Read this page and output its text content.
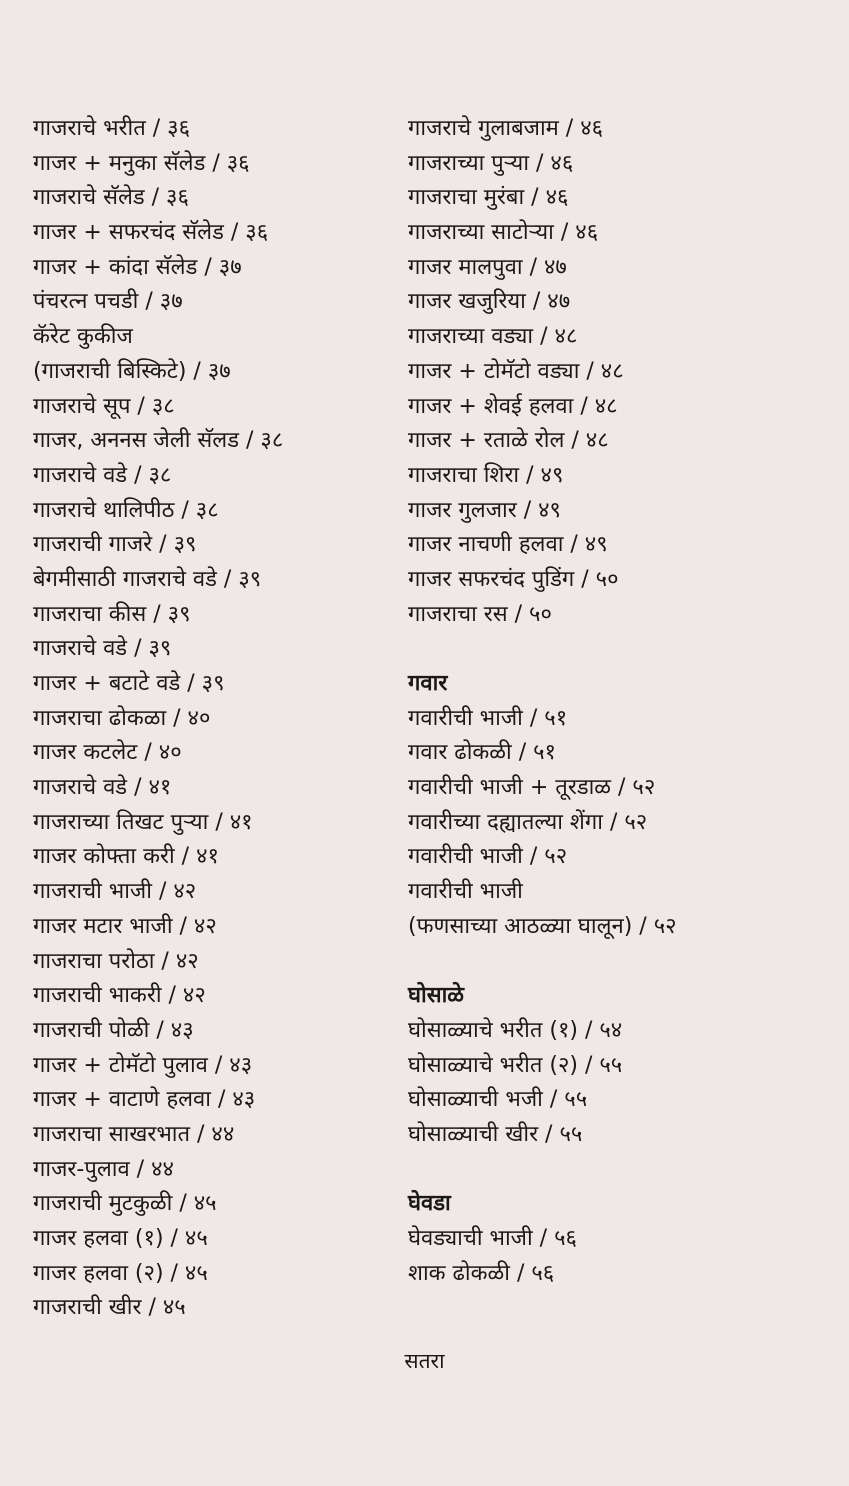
गाजराचे भरीत / ३६
गाजर + मनुका सॅलेड / ३६
गाजराचे सॅलेड / ३६
गाजर + सफरचंद सॅलेड / ३६
गाजर + कांदा सॅलेड / ३७
पंचरत्न पचडी / ३७
कॅरेट कुकीज
(गाजराची बिस्किटे) / ३७
गाजराचे सूप / ३८
गाजर, अननस जेली सॅलड / ३८
गाजराचे वडे / ३८
गाजराचे थालिपीठ / ३८
गाजराची गाजरे / ३९
बेगमीसाठी गाजराचे वडे / ३९
गाजराचा कीस / ३९
गाजराचे वडे / ३९
गाजर + बटाटे वडे / ३९
गाजराचा ढोकळा / ४०
गाजर कटलेट / ४०
गाजराचे वडे / ४१
गाजराच्या तिखट पुऱ्या / ४१
गाजर कोफ्ता करी / ४१
गाजराची भाजी / ४२
गाजर मटार भाजी / ४२
गाजराचा परोठा / ४२
गाजराची भाकरी / ४२
गाजराची पोळी / ४३
गाजर + टोमॅटो पुलाव / ४३
गाजर + वाटाणे हलवा / ४३
गाजराचा साखरभात / ४४
गाजर-पुलाव / ४४
गाजराची मुटकुळी / ४५
गाजर हलवा (१) / ४५
गाजर हलवा (२) / ४५
गाजराची खीर / ४५
गाजराचे गुलाबजाम / ४६
गाजराच्या पुऱ्या / ४६
गाजराचा मुरंबा / ४६
गाजराच्या साटोऱ्या / ४६
गाजर मालपुवा / ४७
गाजर खजुरिया / ४७
गाजराच्या वड्या / ४८
गाजर + टोमॅटो वड्या / ४८
गाजर + शेवई हलवा / ४८
गाजर + रताळे रोल / ४८
गाजराचा शिरा / ४९
गाजर गुलजार / ४९
गाजर नाचणी हलवा / ४९
गाजर सफरचंद पुडिंग / ५०
गाजराचा रस / ५०
गवार
गवारीची भाजी / ५१
गवार ढोकळी / ५१
गवारीची भाजी + तूरडाळ / ५२
गवारीच्या दह्यातल्या शेंगा / ५२
गवारीची भाजी / ५२
गवारीची भाजी
(फणसाच्या आठळ्या घालून) / ५२
घोसाळे
घोसाळ्याचे भरीत (१) / ५४
घोसाळ्याचे भरीत (२) / ५५
घोसाळ्याची भजी / ५५
घोसाळ्याची खीर / ५५
घेवडा
घेवड्याची भाजी / ५६
शाक ढोकळी / ५६
सतरा
